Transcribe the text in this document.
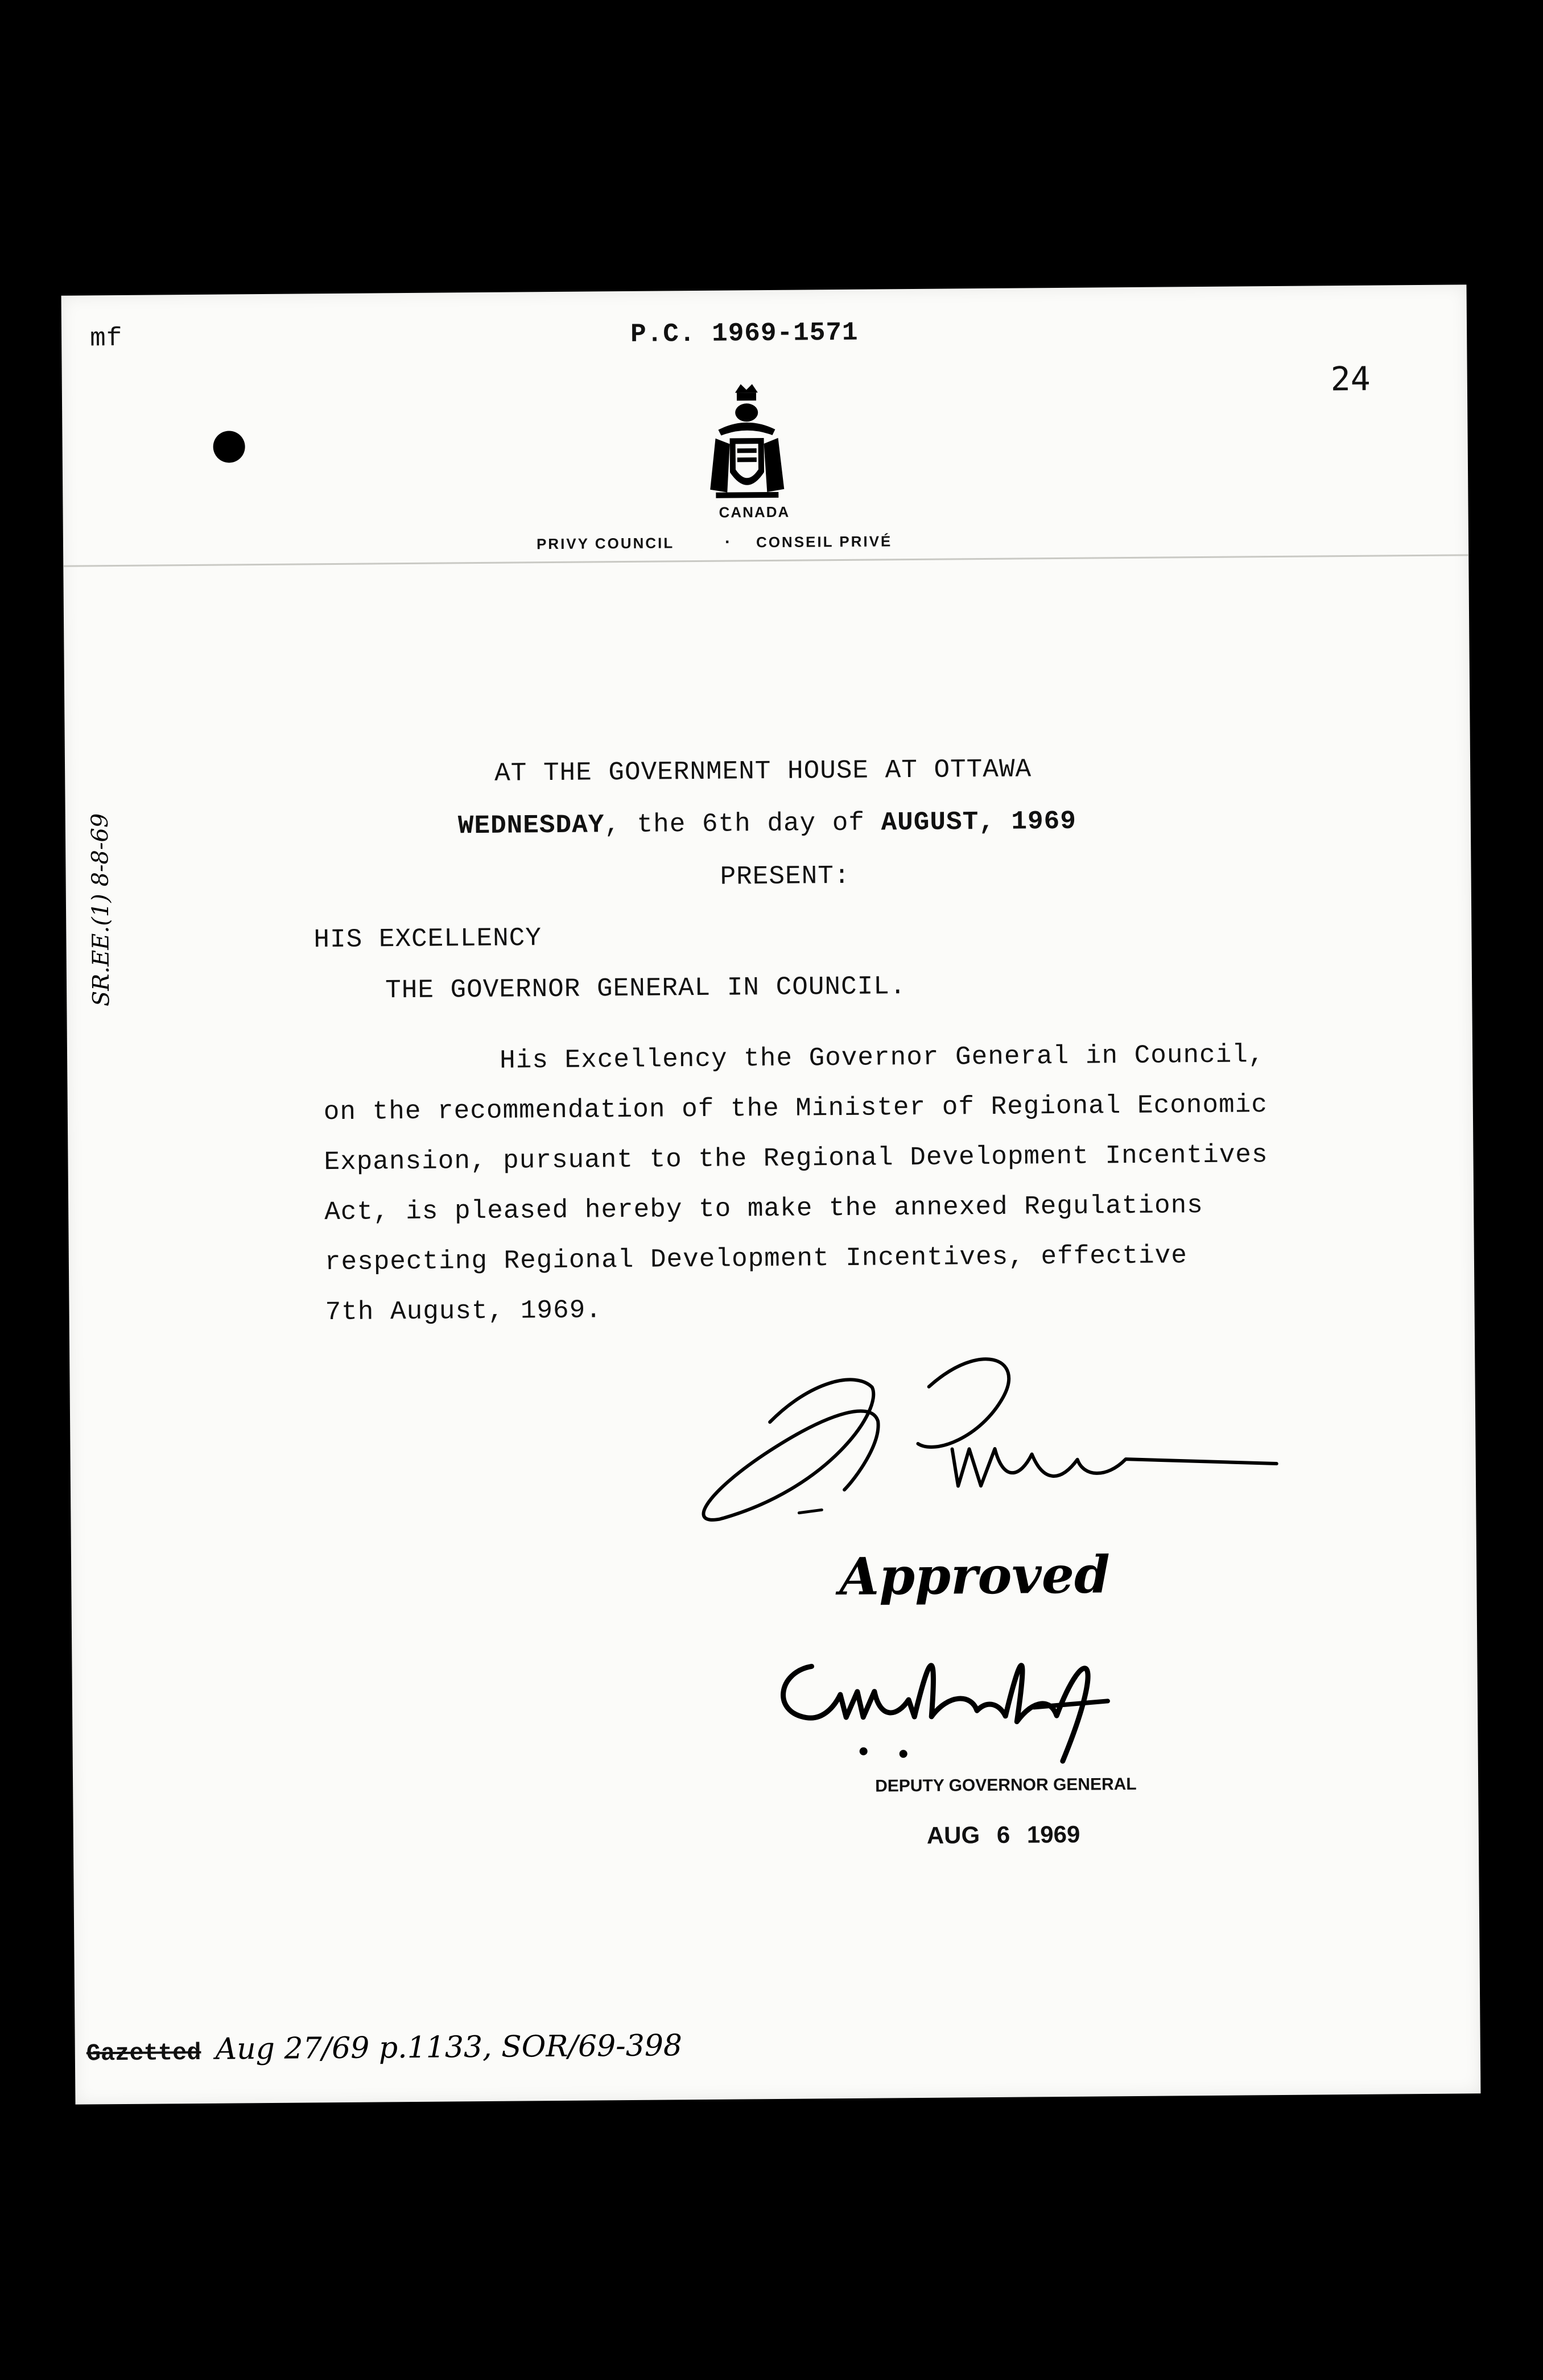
mf	P.C. 1969-1571
24
CANADA
PRIVY COUNCIL	· CONSEIL PRIVÉ
AT THE GOVERNMENT HOUSE AT OTTAWA
WEDNESDAY, the 6th day of AUGUST, 1969
PRESENT:
HIS EXCELLENCY
THE GOVERNOR GENERAL IN COUNCIL.
His Excellency the Governor General in Council,
on the recommendation of the Minister of Regional Economic
Expansion, pursuant to the Regional Development Incentives
Act, is pleased hereby to make the annexed Regulations
respecting Regional Development Incentives, effective
7th August, 1969.
SR.EE.(1) 8-8-69
Approved
DEPUTY GOVERNOR GENERAL
AUG 6 1969
Gazetted Aug 27/69 p.1133, SOR/69-398
